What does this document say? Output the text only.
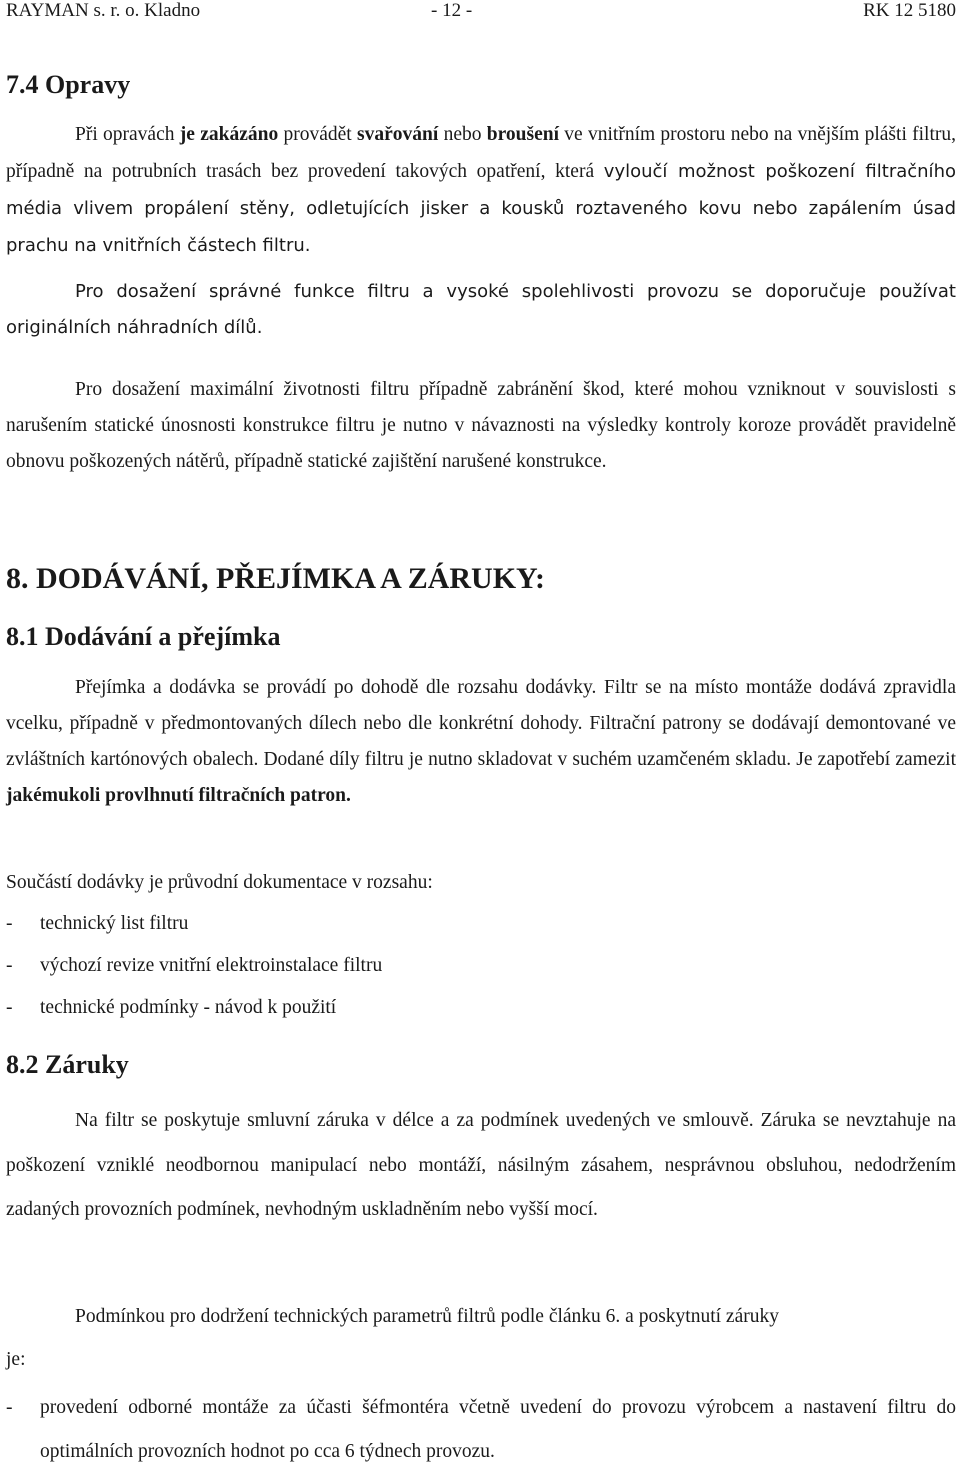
RAYMAN s. r. o. Kladno	- 12 -	RK 12 5180
7.4 Opravy
Při opravách je zakázáno provádět svařování nebo broušení ve vnitřním prostoru nebo na vnějším plášti filtru, případně na potrubních trasách bez provedení takových opatření, která vyloučí možnost poškození filtračního média vlivem propálení stěny, odletujících jisker a kousků roztaveného kovu nebo zapálením úsad prachu na vnitřních částech filtru.
Pro dosažení správné funkce filtru a vysoké spolehlivosti provozu se doporučuje používat originálních náhradních dílů.
Pro dosažení maximální životnosti filtru případně zabránění škod, které mohou vzniknout v souvislosti s narušením statické únosnosti konstrukce filtru je nutno v návaznosti na výsledky kontroly koroze provádět pravidelně obnovu poškozených nátěrů, případně statické zajištění narušené konstrukce.
8. DODÁVÁNÍ, PŘEJÍMKA A ZÁRUKY:
8.1 Dodávání a přejímka
Přejímka a dodávka se provádí po dohodě dle rozsahu dodávky. Filtr se na místo montáže dodává zpravidla vcelku, případně v předmontovaných dílech nebo dle konkrétní dohody. Filtrační patrony se dodávají demontované ve zvláštních kartónových obalech. Dodané díly filtru je nutno skladovat v suchém uzamčeném skladu. Je zapotřebí zamezit jakémukoli provlhnutí filtračních patron.
Součástí dodávky je průvodní dokumentace v rozsahu:
- technický list filtru
- výchozí revize vnitřní elektroinstalace filtru
- technické podmínky - návod k použití
8.2 Záruky
Na filtr se poskytuje smluvní záruka v délce a za podmínek uvedených ve smlouvě. Záruka se nevztahuje na poškození vzniklé neodbornou manipulací nebo montáží, násilným zásahem, nesprávnou obsluhou, nedodržením zadaných provozních podmínek, nevhodným uskladněním nebo vyšší mocí.
Podmínkou pro dodržení technických parametrů filtrů podle článku 6. a poskytnutí záruky
je:
- provedení odborné montáže za účasti šéfmontéra včetně uvedení do provozu výrobcem a nastavení filtru do optimálních provozních hodnot po cca 6 týdnech provozu.
